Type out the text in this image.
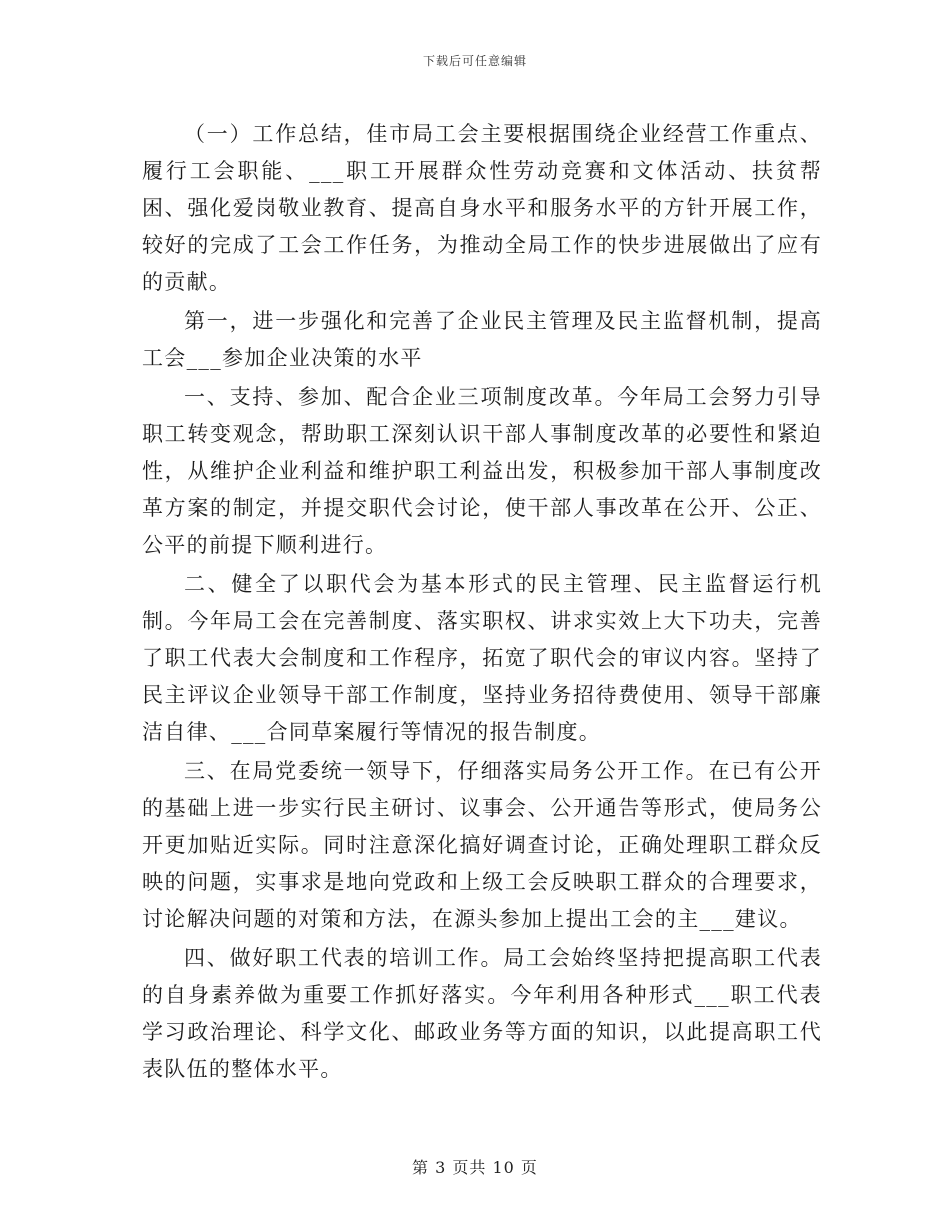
下载后可任意编辑

（一）工作总结，佳市局工会主要根据围绕企业经营工作重点、履行工会职能、___职工开展群众性劳动竞赛和文体活动、扶贫帮困、强化爱岗敬业教育、提高自身水平和服务水平的方针开展工作，较好的完成了工会工作任务，为推动全局工作的快步进展做出了应有的贡献。

第一，进一步强化和完善了企业民主管理及民主监督机制，提高工会___参加企业决策的水平

一、支持、参加、配合企业三项制度改革。今年局工会努力引导职工转变观念，帮助职工深刻认识干部人事制度改革的必要性和紧迫性，从维护企业利益和维护职工利益出发，积极参加干部人事制度改革方案的制定，并提交职代会讨论，使干部人事改革在公开、公正、公平的前提下顺利进行。

二、健全了以职代会为基本形式的民主管理、民主监督运行机制。今年局工会在完善制度、落实职权、讲求实效上大下功夫，完善了职工代表大会制度和工作程序，拓宽了职代会的审议内容。坚持了民主评议企业领导干部工作制度，坚持业务招待费使用、领导干部廉洁自律、___合同草案履行等情况的报告制度。

三、在局党委统一领导下，仔细落实局务公开工作。在已有公开的基础上进一步实行民主研讨、议事会、公开通告等形式，使局务公开更加贴近实际。同时注意深化搞好调查讨论，正确处理职工群众反映的问题，实事求是地向党政和上级工会反映职工群众的合理要求，讨论解决问题的对策和方法，在源头参加上提出工会的主___建议。

四、做好职工代表的培训工作。局工会始终坚持把提高职工代表的自身素养做为重要工作抓好落实。今年利用各种形式___职工代表学习政治理论、科学文化、邮政业务等方面的知识，以此提高职工代表队伍的整体水平。

第 3 页共 10 页
